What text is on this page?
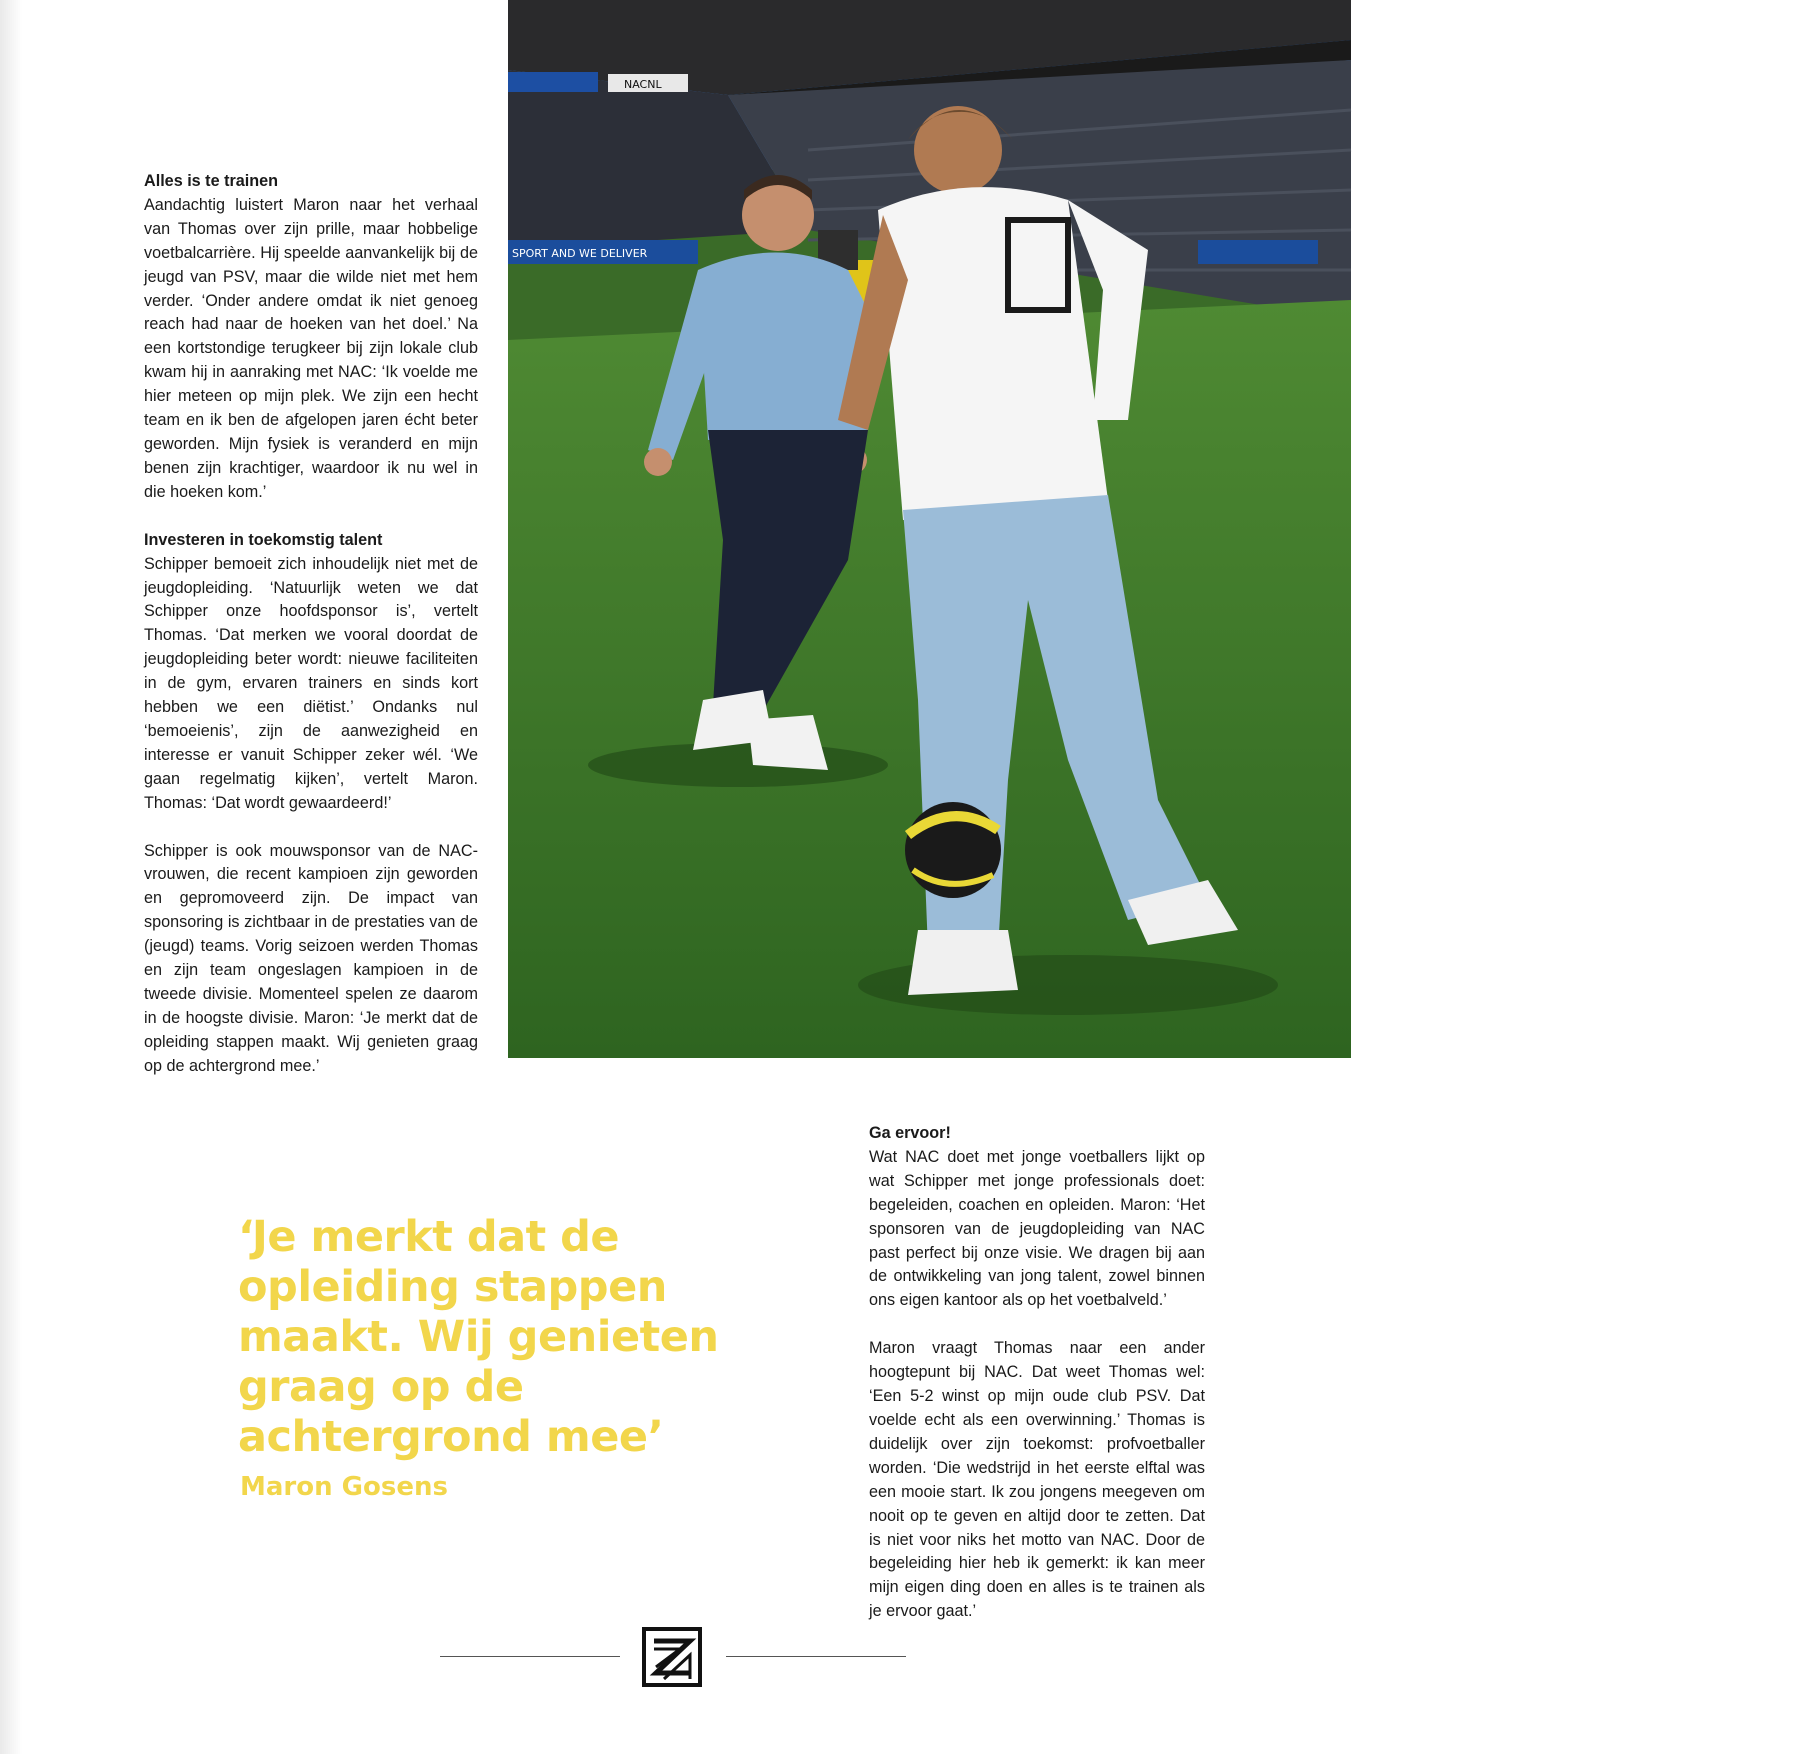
Alles is te trainen

Aandachtig luistert Maron naar het verhaal van Thomas over zijn prille, maar hobbelige voetbalcarrière. Hij speelde aanvankelijk bij de jeugd van PSV, maar die wilde niet met hem verder. ‘Onder andere omdat ik niet genoeg reach had naar de hoeken van het doel.’ Na een kortstondige terugkeer bij zijn lokale club kwam hij in aanraking met NAC: ‘Ik voelde me hier meteen op mijn plek. We zijn een hecht team en ik ben de afgelopen jaren écht beter geworden. Mijn fysiek is veranderd en mijn benen zijn krachtiger, waardoor ik nu wel in die hoeken kom.’

Investeren in toekomstig talent

Schipper bemoeit zich inhoudelijk niet met de jeugdopleiding. ‘Natuurlijk weten we dat Schipper onze hoofdsponsor is’, vertelt Thomas. ‘Dat merken we vooral doordat de jeugdopleiding beter wordt: nieuwe faciliteiten in de gym, ervaren trainers en sinds kort hebben we een diëtist.’ Ondanks nul ‘bemoeienis’, zijn de aanwezigheid en interesse er vanuit Schipper zeker wél. ‘We gaan regelmatig kijken’, vertelt Maron. Thomas: ‘Dat wordt gewaardeerd!’

Schipper is ook mouwsponsor van de NAC-vrouwen, die recent kampioen zijn geworden en gepromoveerd zijn. De impact van sponsoring is zichtbaar in de prestaties van de (jeugd) teams. Vorig seizoen werden Thomas en zijn team ongeslagen kampioen in de tweede divisie. Momenteel spelen ze daarom in de hoogste divisie. Maron: ‘Je merkt dat de opleiding stappen maakt. Wij genieten graag op de achtergrond mee.’

NACNL
SPORT AND WE DELIVER	BALLETJE TRAPPEN
‘Je merkt dat de opleiding stappen maakt. Wij genieten graag op de achtergrond mee’
Maron Gosens
Ga ervoor!

Wat NAC doet met jonge voetballers lijkt op wat Schipper met jonge professionals doet: begeleiden, coachen en opleiden. Maron: ‘Het sponsoren van de jeugdopleiding van NAC past perfect bij onze visie. We dragen bij aan de ontwikkeling van jong talent, zowel binnen ons eigen kantoor als op het voetbalveld.’

Maron vraagt Thomas naar een ander hoogtepunt bij NAC. Dat weet Thomas wel: ‘Een 5-2 winst op mijn oude club PSV. Dat voelde echt als een overwinning.’ Thomas is duidelijk over zijn toekomst: profvoetballer worden. ‘Die wedstrijd in het eerste elftal was een mooie start. Ik zou jongens meegeven om nooit op te geven en altijd door te zetten. Dat is niet voor niks het motto van NAC. Door de begeleiding hier heb ik gemerkt: ik kan meer mijn eigen ding doen en alles is te trainen als je ervoor gaat.’
